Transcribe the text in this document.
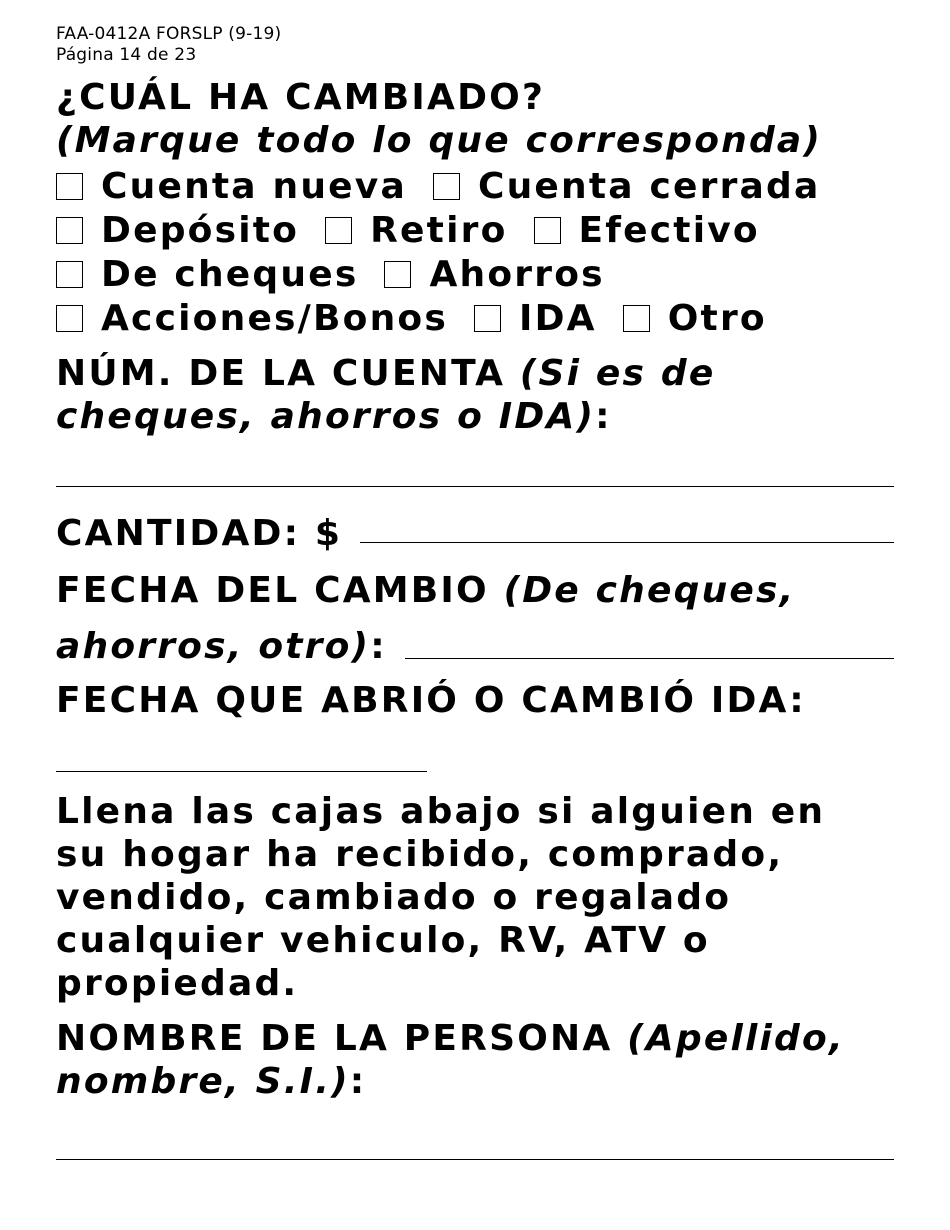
FAA-0412A FORSLP (9-19)
Página 14 de 23
¿CUÁL HA CAMBIADO?
(Marque todo lo que corresponda)
Cuenta nueva Cuenta cerrada
Depósito Retiro Efectivo
De cheques Ahorros
Acciones/Bonos IDA Otro
NÚM. DE LA CUENTA (Si es de
cheques, ahorros o IDA):
CANTIDAD: $
FECHA DEL CAMBIO (De cheques,
ahorros, otro):
FECHA QUE ABRIÓ O CAMBIÓ IDA:
Llena las cajas abajo si alguien en
su hogar ha recibido, comprado,
vendido, cambiado o regalado
cualquier vehiculo, RV, ATV o
propiedad.
NOMBRE DE LA PERSONA (Apellido,
nombre, S.I.):
